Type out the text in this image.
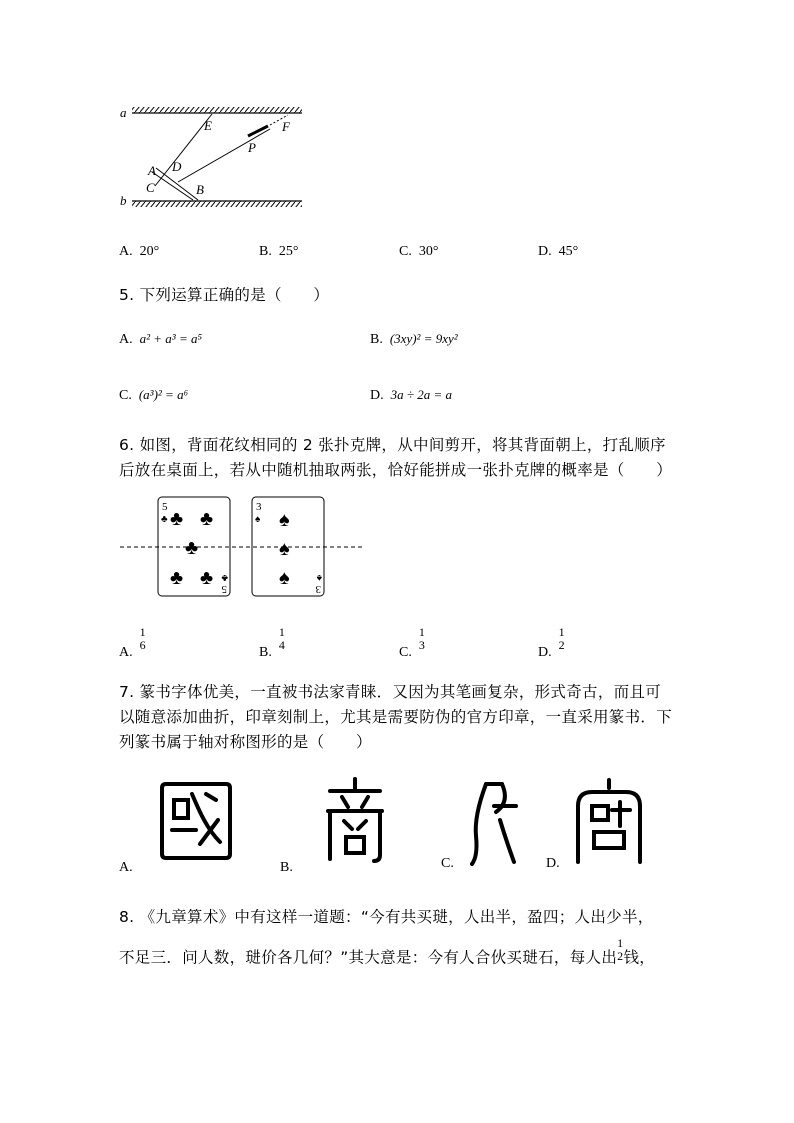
a
b
E	F
P
A D
C	B
A. 20°	B. 25°	C. 30°	D. 45°
5. 下列运算正确的是（　　）
A. a² + a³ = a⁵	B. (3xy)² = 9xy²
C. (a³)² = a⁶	D. 3a ÷ 2a = a
6. 如图，背面花纹相同的 2 张扑克牌，从中间剪开，将其背面朝上，打乱顺序
后放在桌面上，若从中随机抽取两张，恰好能拼成一张扑克牌的概率是（　　）
5
♣ ♣ ♣
♣
♣ ♣ 5
♣
3
♠ ♠
♠
♠ 3
♠
A.
1
6
B.
1
4
C.
1
3
D.
1
2
7. 篆书字体优美，一直被书法家青睐．又因为其笔画复杂，形式奇古，而且可
以随意添加曲折，印章刻制上，尤其是需要防伪的官方印章，一直采用篆书．下
列篆书属于轴对称图形的是（　　）
A.	B.	C.	D.
8. 《九章算术》中有这样一道题：“今有共买琎，人出半，盈四；人出少半，
不足三．问人数，琎价各几何？”其大意是：今有人合伙买琎石，每人出
1
2 钱，
